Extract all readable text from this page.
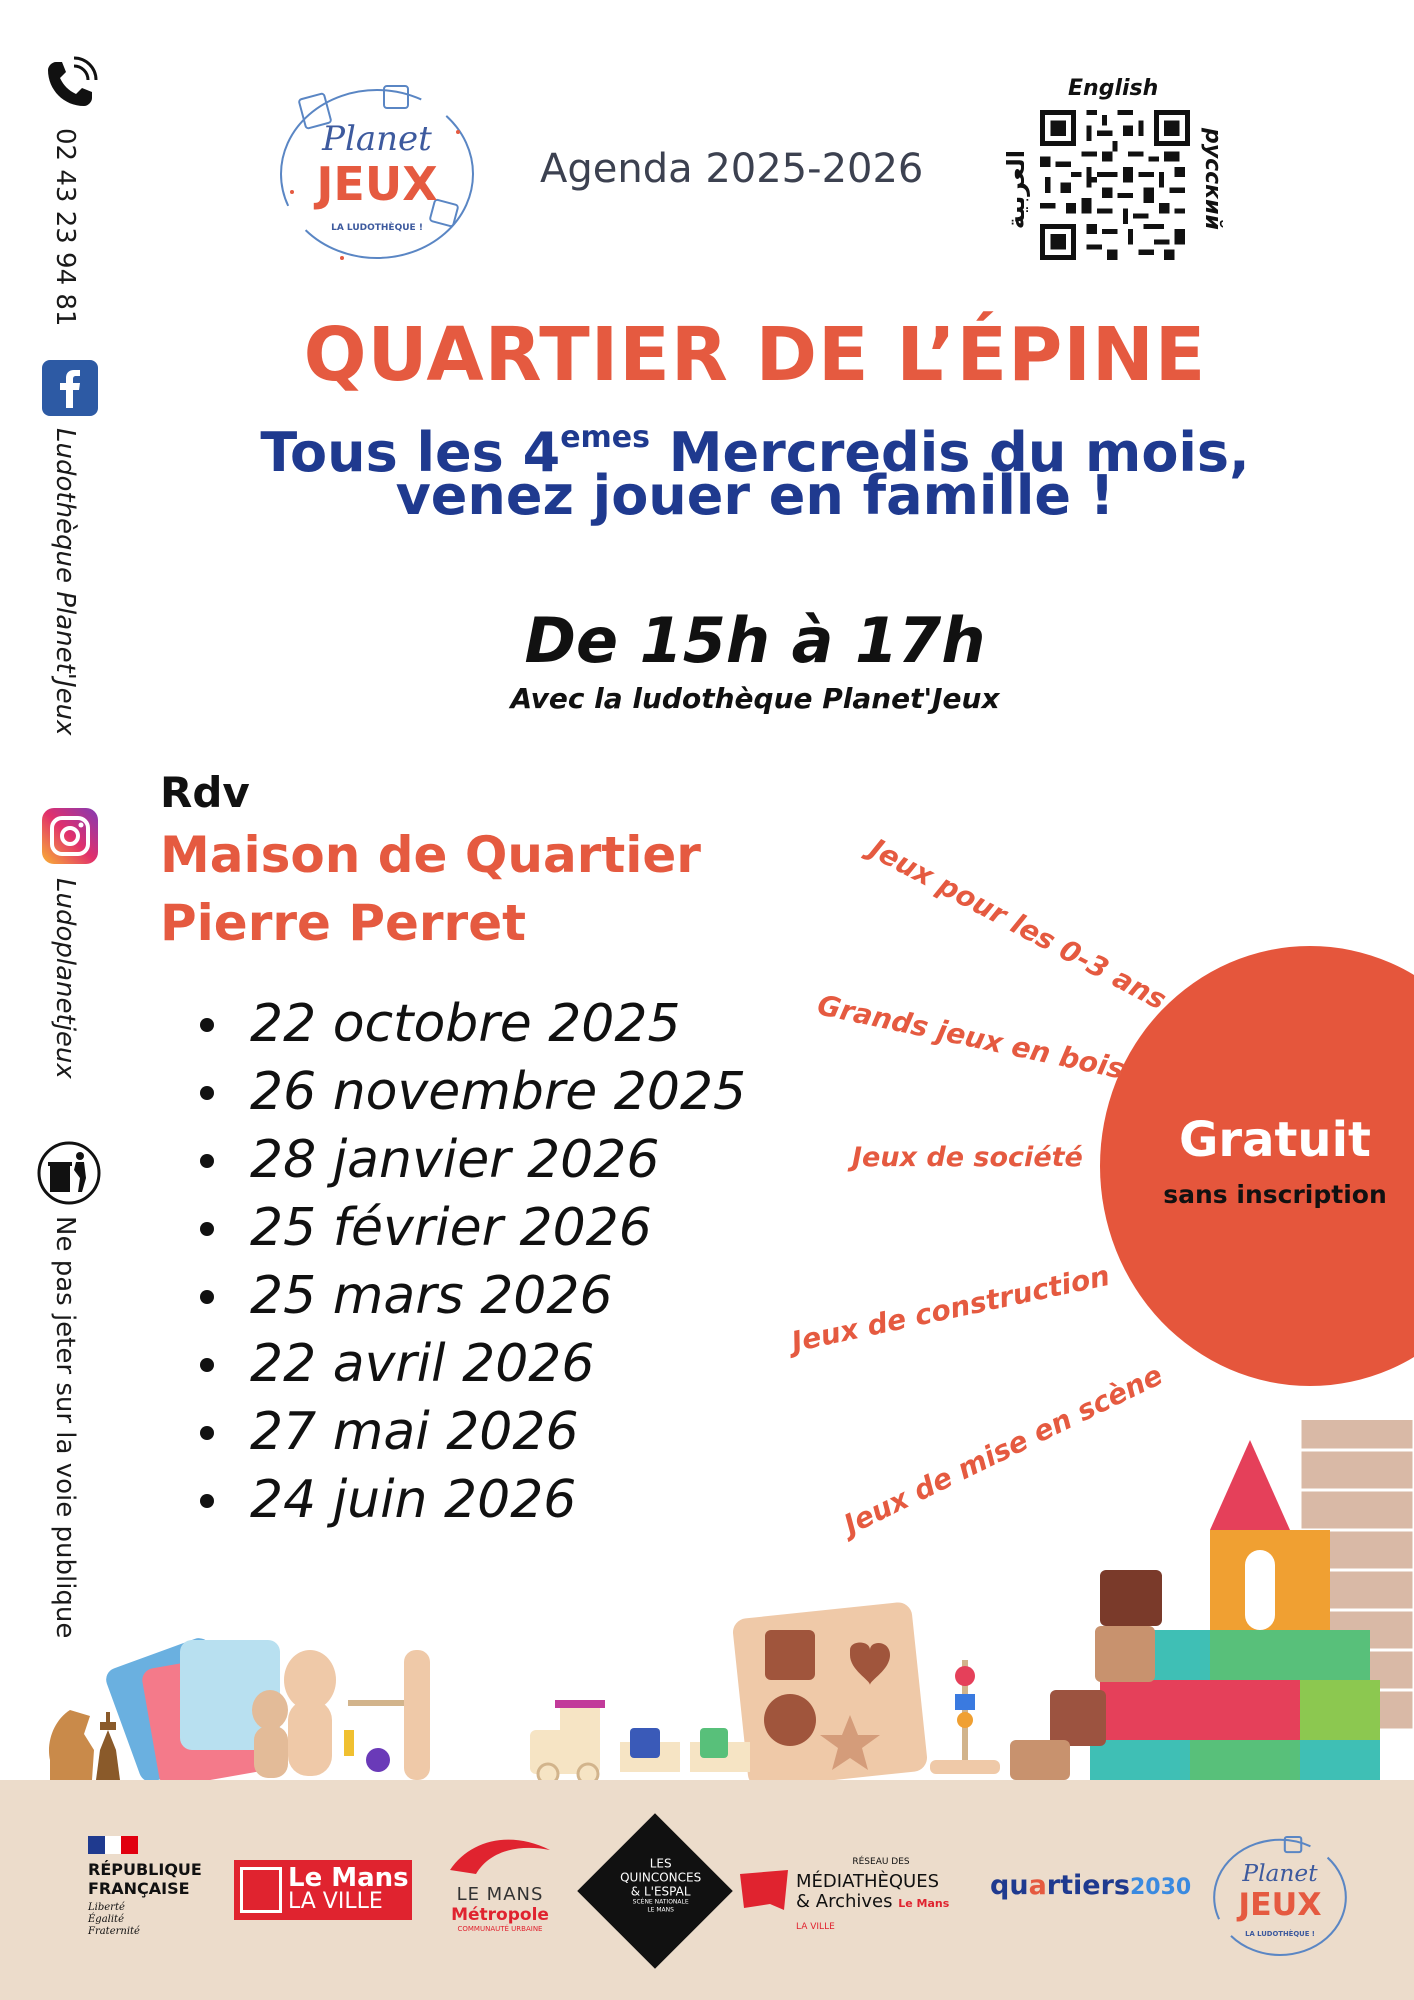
02 43 23 94 81
Ludothèque Planet'Jeux
Ludoplanetjeux
Ne pas jeter sur la voie publique
Planet
JEUX
LA LUDOTHÈQUE !
Agenda 2025-2026
English
العربية	русский
QUARTIER DE L’ÉPINE
Tous les 4emes Mercredis du mois,
venez jouer en famille !
De 15h à 17h
Avec la ludothèque Planet'Jeux
Rdv
Maison de Quartier
Pierre Perret
22 octobre 2025
26 novembre 2025
28 janvier 2026
25 février 2026
25 mars 2026
22 avril 2026
27 mai 2026
24 juin 2026
Gratuit
sans inscription
Jeux pour les 0-3 ans
Grands jeux en bois
Jeux de société
Jeux de construction
Jeux de mise en scène
RÉPUBLIQUE
FRANÇAISE
Liberté
Égalité
Fraternité
Le Mans
LA VILLE	LE MANS
Métropole
COMMUNAUTÉ URBAINE
LES
QUINCONCES
& L'ESPAL
SCÈNE NATIONALE
LE MANS
RÉSEAU DES
MÉDIATHÈQUES
& Archives Le Mans LA VILLE
quartiers2030
Planet
JEUX
LA LUDOTHÈQUE !
